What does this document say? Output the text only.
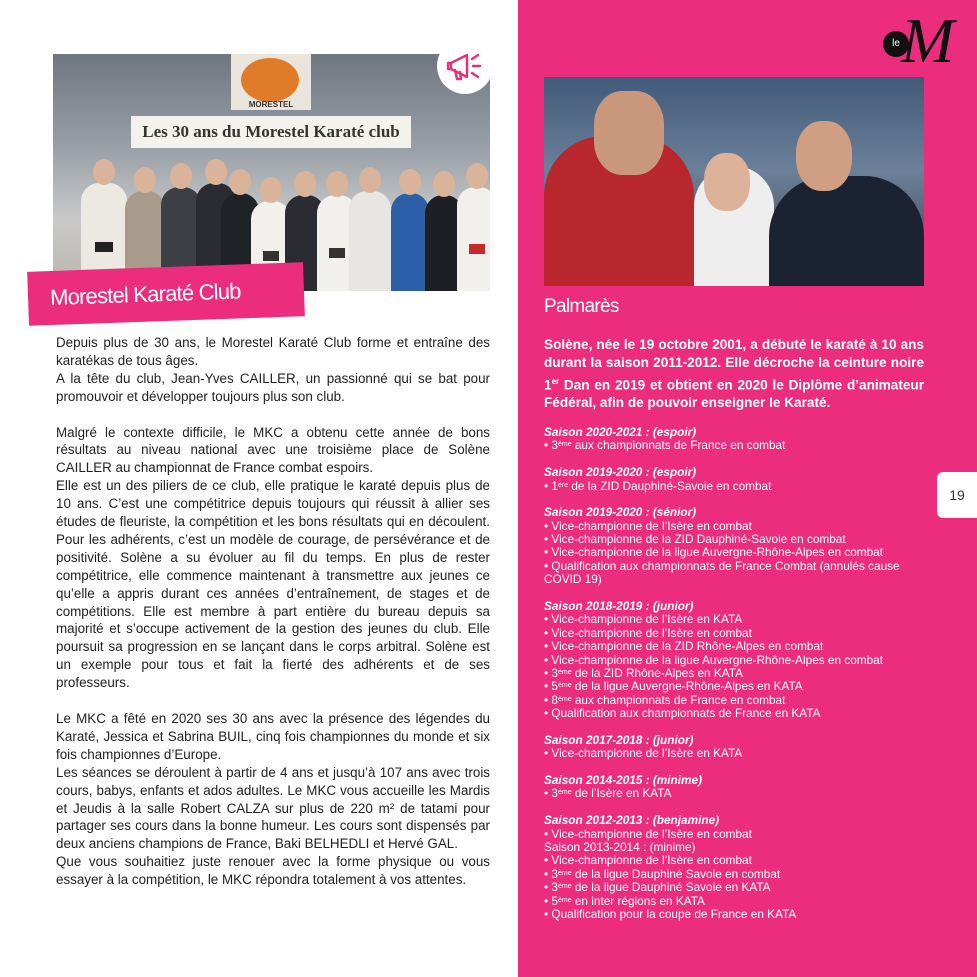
MORESTEL
Les 30 ans du Morestel Karaté club
Morestel Karaté Club

Depuis plus de 30 ans, le Morestel Karaté Club forme et entraîne des karatékas de tous âges.

A la tête du club, Jean-Yves CAILLER, un passionné qui se bat pour promouvoir et développer toujours plus son club.

Malgré le contexte difficile, le MKC a obtenu cette année de bons résultats au niveau national avec une troisième place de Solène CAILLER au championnat de France combat espoirs.

Elle est un des piliers de ce club, elle pratique le karaté depuis plus de 10 ans. C’est une compétitrice depuis toujours qui réussit à allier ses études de fleuriste, la compétition et les bons résultats qui en découlent. Pour les adhérents, c’est un modèle de courage, de persévérance et de positivité. Solène a su évoluer au fil du temps. En plus de rester compétitrice, elle commence maintenant à transmettre aux jeunes ce qu’elle a appris durant ces années d’entraînement, de stages et de compétitions. Elle est membre à part entière du bureau depuis sa majorité et s’occupe activement de la gestion des jeunes du club. Elle poursuit sa progression en se lançant dans le corps arbitral. Solène est un exemple pour tous et fait la fierté des adhérents et de ses professeurs.

Le MKC a fêté en 2020 ses 30 ans avec la présence des légendes du Karaté, Jessica et Sabrina BUIL, cinq fois championnes du monde et six fois championnes d’Europe.

Les séances se déroulent à partir de 4 ans et jusqu’à 107 ans avec trois cours, babys, enfants et ados adultes. Le MKC vous accueille les Mardis et Jeudis à la salle Robert CALZA sur plus de 220 m² de tatami pour partager ses cours dans la bonne humeur. Les cours sont dispensés par deux anciens champions de France, Baki BELHEDLI et Hervé GAL.

Que vous souhaitiez juste renouer avec la forme physique ou vous essayer à la compétition, le MKC répondra totalement à vos attentes.

le M
Palmarès
Solène, née le 19 octobre 2001, a débuté le karaté à 10 ans durant la saison 2011-2012. Elle décroche la ceinture noire 1er Dan en 2019 et obtient en 2020 le Diplôme d’animateur Fédéral, afin de pouvoir enseigner le Karaté.
Saison 2020-2021 : (espoir)
• 3ème aux championnats de France en combat
Saison 2019-2020 : (espoir)
• 1ère de la ZID Dauphiné-Savoie en combat
Saison 2019-2020 : (sénior)
• Vice-championne de l’Isère en combat
• Vice-championne de la ZID Dauphiné-Savoie en combat
• Vice-championne de la ligue Auvergne-Rhône-Alpes en combat
• Qualification aux championnats de France Combat (annulés cause COVID 19)
Saison 2018-2019 : (junior)
• Vice-championne de l’Isère en KATA
• Vice-championne de l’Isère en combat
• Vice-championne de la ZID Rhône-Alpes en combat
• Vice-championne de la ligue Auvergne-Rhône-Alpes en combat
• 3ème de la ZID Rhône-Alpes en KATA
• 5ème de la ligue Auvergne-Rhône-Alpes en KATA
• 8ème aux championnats de France en combat
• Qualification aux championnats de France en KATA
Saison 2017-2018 : (junior)
• Vice-championne de l’Isère en KATA
Saison 2014-2015 : (minime)
• 3ème de l’Isère en KATA
Saison 2012-2013 : (benjamine)
• Vice-championne de l’Isère en combat
Saison 2013-2014 : (minime)
• Vice-championne de l’Isère en combat
• 3ème de la ligue Dauphiné Savoie en combat
• 3ème de la ligue Dauphiné Savoie en KATA
• 5ème en inter régions en KATA
• Qualification pour la coupe de France en KATA
19
